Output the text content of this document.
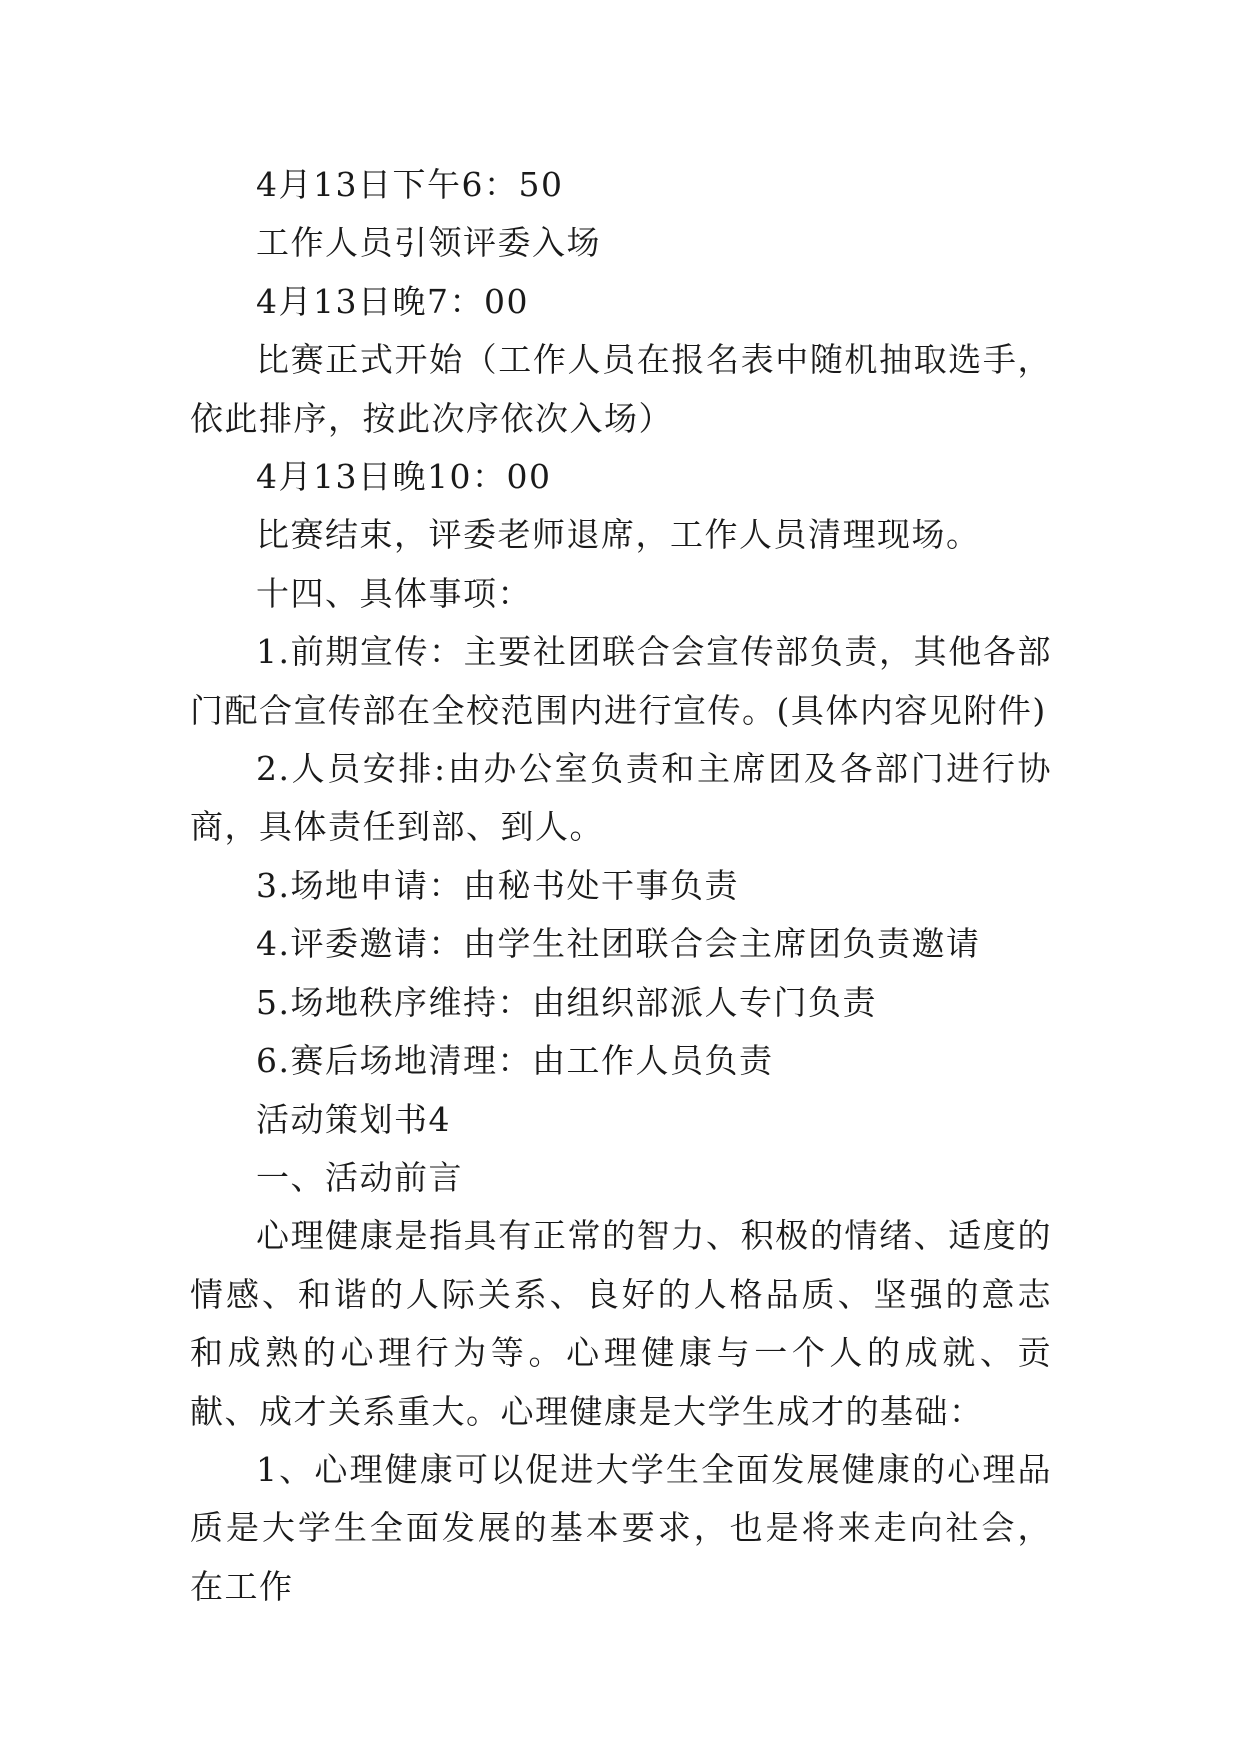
4月13日下午6：50

工作人员引领评委入场

4月13日晚7：00

比赛正式开始（工作人员在报名表中随机抽取选手，依此排序，按此次序依次入场）

4月13日晚10：00

比赛结束，评委老师退席，工作人员清理现场。

十四、具体事项：

1.前期宣传：主要社团联合会宣传部负责，其他各部门配合宣传部在全校范围内进行宣传。(具体内容见附件)

2.人员安排:由办公室负责和主席团及各部门进行协商，具体责任到部、到人。

3.场地申请：由秘书处干事负责

4.评委邀请：由学生社团联合会主席团负责邀请

5.场地秩序维持：由组织部派人专门负责

6.赛后场地清理：由工作人员负责

活动策划书4

一、活动前言

心理健康是指具有正常的智力、积极的情绪、适度的情感、和谐的人际关系、良好的人格品质、坚强的意志和成熟的心理行为等。心理健康与一个人的成就、贡献、成才关系重大。心理健康是大学生成才的基础：

1、心理健康可以促进大学生全面发展健康的心理品质是大学生全面发展的基本要求，也是将来走向社会，在工作
